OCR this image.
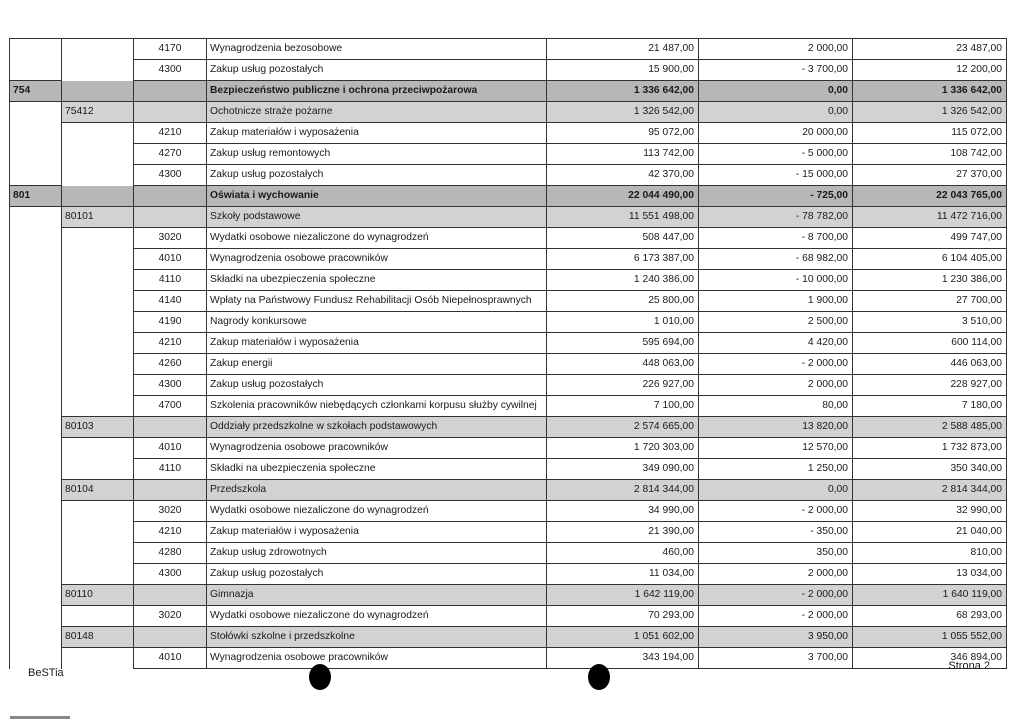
		4170	Wynagrodzenia bezosobowe	21 487,00	2 000,00	23 487,00
		4300	Zakup usług pozostałych	15 900,00	- 3 700,00	12 200,00
754			Bezpieczeństwo publiczne i ochrona przeciwpożarowa	1 336 642,00	0,00	1 336 642,00
	75412		Ochotnicze straże pożarne	1 326 542,00	0,00	1 326 542,00
		4210	Zakup materiałów i wyposażenia	95 072,00	20 000,00	115 072,00
		4270	Zakup usług remontowych	113 742,00	- 5 000,00	108 742,00
		4300	Zakup usług pozostałych	42 370,00	- 15 000,00	27 370,00
801			Oświata i wychowanie	22 044 490,00	- 725,00	22 043 765,00
	80101		Szkoły podstawowe	11 551 498,00	- 78 782,00	11 472 716,00
		3020	Wydatki osobowe niezaliczone do wynagrodzeń	508 447,00	- 8 700,00	499 747,00
		4010	Wynagrodzenia osobowe pracowników	6 173 387,00	- 68 982,00	6 104 405,00
		4110	Składki na ubezpieczenia społeczne	1 240 386,00	- 10 000,00	1 230 386,00
		4140	Wpłaty na Państwowy Fundusz Rehabilitacji Osób Niepełnosprawnych	25 800,00	1 900,00	27 700,00
		4190	Nagrody konkursowe	1 010,00	2 500,00	3 510,00
		4210	Zakup materiałów i wyposażenia	595 694,00	4 420,00	600 114,00
		4260	Zakup energii	448 063,00	- 2 000,00	446 063,00
		4300	Zakup usług pozostałych	226 927,00	2 000,00	228 927,00
		4700	Szkolenia pracowników niebędących członkami korpusu służby cywilnej	7 100,00	80,00	7 180,00
	80103		Oddziały przedszkolne w szkołach podstawowych	2 574 665,00	13 820,00	2 588 485,00
		4010	Wynagrodzenia osobowe pracowników	1 720 303,00	12 570,00	1 732 873,00
		4110	Składki na ubezpieczenia społeczne	349 090,00	1 250,00	350 340,00
	80104		Przedszkola	2 814 344,00	0,00	2 814 344,00
		3020	Wydatki osobowe niezaliczone do wynagrodzeń	34 990,00	- 2 000,00	32 990,00
		4210	Zakup materiałów i wyposażenia	21 390,00	- 350,00	21 040,00
		4280	Zakup usług zdrowotnych	460,00	350,00	810,00
		4300	Zakup usług pozostałych	11 034,00	2 000,00	13 034,00
	80110		Gimnazja	1 642 119,00	- 2 000,00	1 640 119,00
		3020	Wydatki osobowe niezaliczone do wynagrodzeń	70 293,00	- 2 000,00	68 293,00
	80148		Stołówki szkolne i przedszkolne	1 051 602,00	3 950,00	1 055 552,00
		4010	Wynagrodzenia osobowe pracowników	343 194,00	3 700,00	346 894,00
BeSTia
Strona 2
